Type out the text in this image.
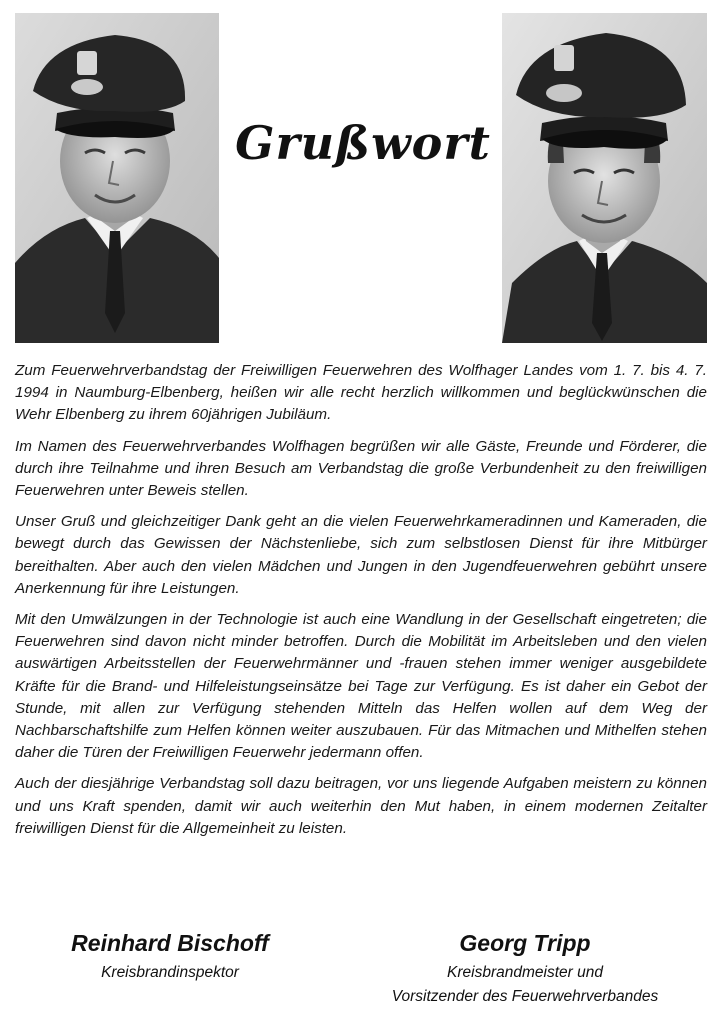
Grußwort

Zum Feuerwehrverbandstag der Freiwilligen Feuerwehren des Wolfhager Landes vom 1. 7. bis 4. 7. 1994 in Naumburg-Elbenberg, heißen wir alle recht herzlich willkommen und beglückwünschen die Wehr Elbenberg zu ihrem 60jährigen Jubiläum.

Im Namen des Feuerwehrverbandes Wolfhagen begrüßen wir alle Gäste, Freunde und Förderer, die durch ihre Teilnahme und ihren Besuch am Verbandstag die große Verbundenheit zu den freiwilligen Feuerwehren unter Beweis stellen.

Unser Gruß und gleichzeitiger Dank geht an die vielen Feuerwehrkameradinnen und Kameraden, die bewegt durch das Gewissen der Nächstenliebe, sich zum selbstlosen Dienst für ihre Mitbürger bereithalten. Aber auch den vielen Mädchen und Jungen in den Jugendfeuerwehren gebührt unsere Anerkennung für ihre Leistungen.

Mit den Umwälzungen in der Technologie ist auch eine Wandlung in der Gesellschaft eingetreten; die Feuerwehren sind davon nicht minder betroffen. Durch die Mobilität im Arbeitsleben und den vielen auswärtigen Arbeitsstellen der Feuerwehrmänner und -frauen stehen immer weniger ausgebildete Kräfte für die Brand- und Hilfeleistungseinsätze bei Tage zur Verfügung. Es ist daher ein Gebot der Stunde, mit allen zur Verfügung stehenden Mitteln das Helfen wollen auf dem Weg der Nachbarschaftshilfe zum Helfen können weiter auszubauen. Für das Mitmachen und Mithelfen stehen daher die Türen der Freiwilligen Feuerwehr jedermann offen.

Auch der diesjährige Verbandstag soll dazu beitragen, vor uns liegende Aufgaben meistern zu können und uns Kraft spenden, damit wir auch weiterhin den Mut haben, in einem modernen Zeitalter freiwilligen Dienst für die Allgemeinheit zu leisten.

Reinhard Bischoff
Kreisbrandinspektor
Georg Tripp
Kreisbrandmeister und
Vorsitzender des Feuerwehrverbandes
